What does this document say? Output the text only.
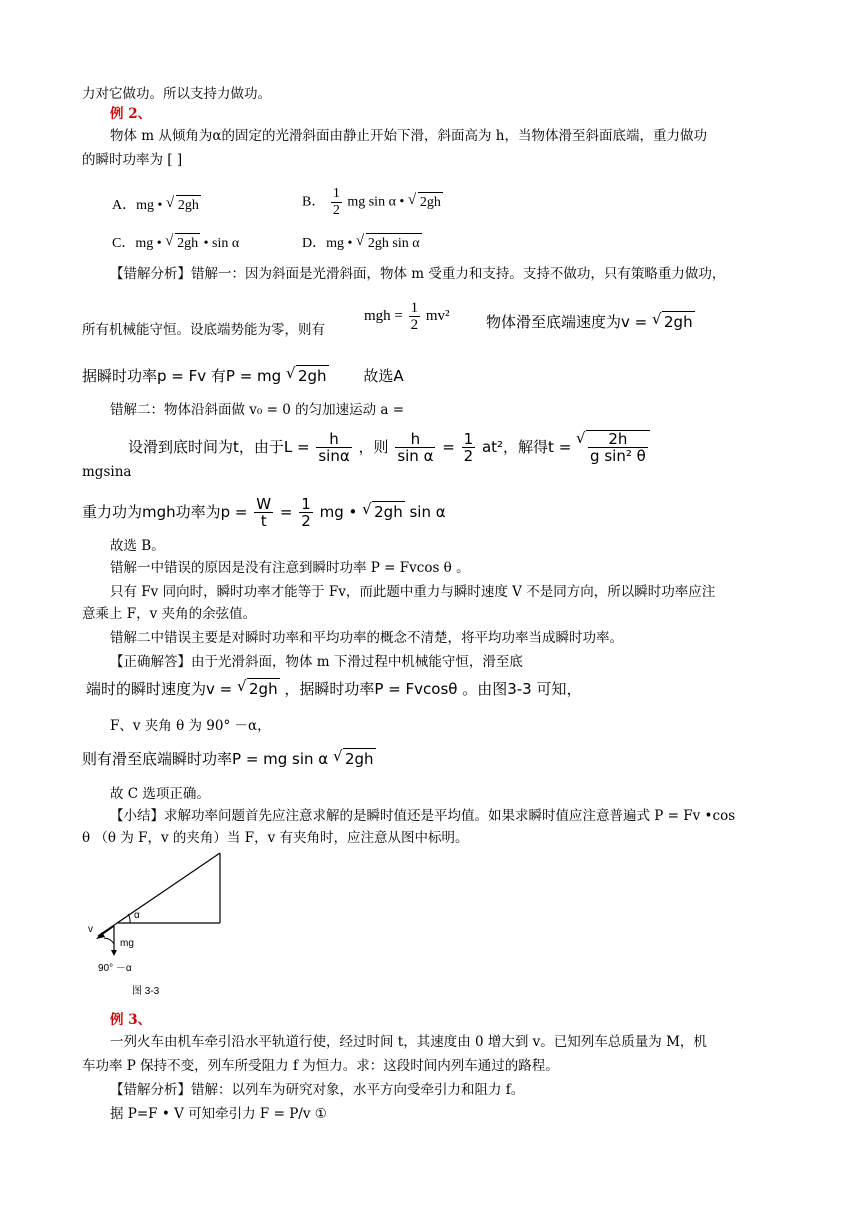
力对它做功。所以支持力做功。
例 2、
物体 m 从倾角为α的固定的光滑斜面由静止开始下滑，斜面高为 h，当物体滑至斜面底端，重力做功
的瞬时功率为 [ ]
A．mg • √ 2gh	B． $\frac{1}{2}$ mg sin α • √ 2gh
C．mg • √ 2gh • sin α	D．mg • √ 2gh sin α
【错解分析】错解一：因为斜面是光滑斜面，物体 m 受重力和支持。支持不做功，只有策略重力做功，
所有机械能守恒。设底端势能为零，则有
mgh = $\frac{1}{2} mv^2$ 物体滑至底端速度为v = √ 2gh
据瞬时功率p = Fv 有P = mg √ 2gh 故选A
错解二：物体沿斜面做 v₀ = 0 的匀加速运动 a =
设滑到底时间为t，由于$L = \frac{h}{\sin\alpha}$ ，则 $\frac{h}{\text{sin α}} = \frac{1}{2} at^2$，解得t = √ $\frac{2h}{\text{g sin² θ}}$
mgsina
重力功为mgh功率为$p = \frac{W}{t} = \frac{1}{2}$ mg • √ 2gh sin α
故选 B。
错解一中错误的原因是没有注意到瞬时功率 P = Fvcos θ 。
只有 Fv 同向时，瞬时功率才能等于 Fv，而此题中重力与瞬时速度 V 不是同方向，所以瞬时功率应注
意乘上 F，v 夹角的余弦值。
错解二中错误主要是对瞬时功率和平均功率的概念不清楚，将平均功率当成瞬时功率。
【正确解答】由于光滑斜面，物体 m 下滑过程中机械能守恒，滑至底
端时的瞬时速度为v = √ 2gh ，据瞬时功率P = Fvcosθ 。由图3-3 可知，
F、v 夹角 θ 为 90° －α，
则有滑至底端瞬时功率P = mg sin α √ 2gh
故 C 选项正确。
【小结】求解功率问题首先应注意求解的是瞬时值还是平均值。如果求瞬时值应注意普遍式 P = Fv •cos
θ （θ 为 F，v 的夹角）当 F，v 有夹角时，应注意从图中标明。
α
v
mg
90° －α
图 3-3
例 3、
一列火车由机车牵引沿水平轨道行使，经过时间 t，其速度由 0 增大到 v。已知列车总质量为 M，机
车功率 P 保持不变，列车所受阻力 f 为恒力。求：这段时间内列车通过的路程。
【错解分析】错解：以列车为研究对象，水平方向受牵引力和阻力 f。
据 P=F • V 可知牵引力 F = P/v ①
